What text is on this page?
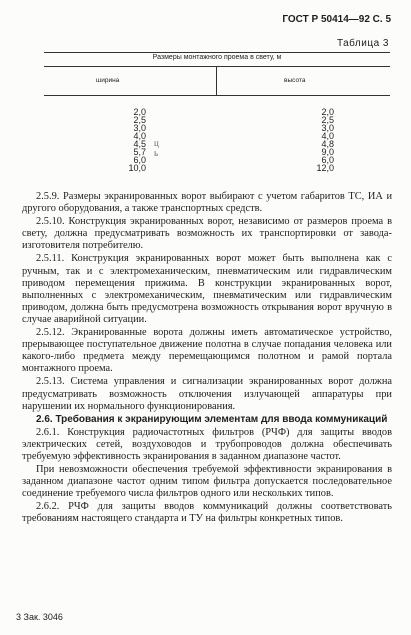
ГОСТ Р 50414—92 С. 5
Таблица 3
Размеры монтажного проема в свету, м
ширина	высота
2,0
2,5
3,0
4,0
4,5
5,7
6,0
10,0
2,0
2,5
3,0
4,0
4,8
9,0
6,0
12,0
ц
ь

2.5.9. Размеры экранированных ворот выбирают с учетом габаритов ТС, ИА и другого оборудования, а также транспортных средств.

2.5.10. Конструкция экранированных ворот, независимо от размеров проема в свету, должна предусматривать возможность их транспортировки от завода-изготовителя потребителю.

2.5.11. Конструкция экранированных ворот может быть выполнена как с ручным, так и с электромеханическим, пневматическим или гидравлическим приводом перемещения прижима. В конструкции экранированных ворот, выполненных с электромеханическим, пневматическим или гидравлическим приводом, должна быть предусмотрена возможность открывания ворот вручную в случае аварийной ситуации.

2.5.12. Экранированные ворота должны иметь автоматическое устройство, прерывающее поступательное движение полотна в случае попадания человека или какого-либо предмета между перемещающимся полотном и рамой портала монтажного проема.

2.5.13. Система управления и сигнализации экранированных ворот должна предусматривать возможность отключения излучающей аппаратуры при нарушении их нормального функционирования.

2.6. Требования к экранирующим элементам для ввода коммуникаций

2.6.1. Конструкция радиочастотных фильтров (РЧФ) для защиты вводов электрических сетей, воздуховодов и трубопроводов должна обеспечивать требуемую эффективность экранирования в заданном диапазоне частот.

При невозможности обеспечения требуемой эффективности экранирования в заданном диапазоне частот одним типом фильтра допускается последовательное соединение требуемого числа фильтров одного или нескольких типов.

2.6.2. РЧФ для защиты вводов коммуникаций должны соответствовать требованиям настоящего стандарта и ТУ на фильтры конкретных типов.

3 Зак. 3046
